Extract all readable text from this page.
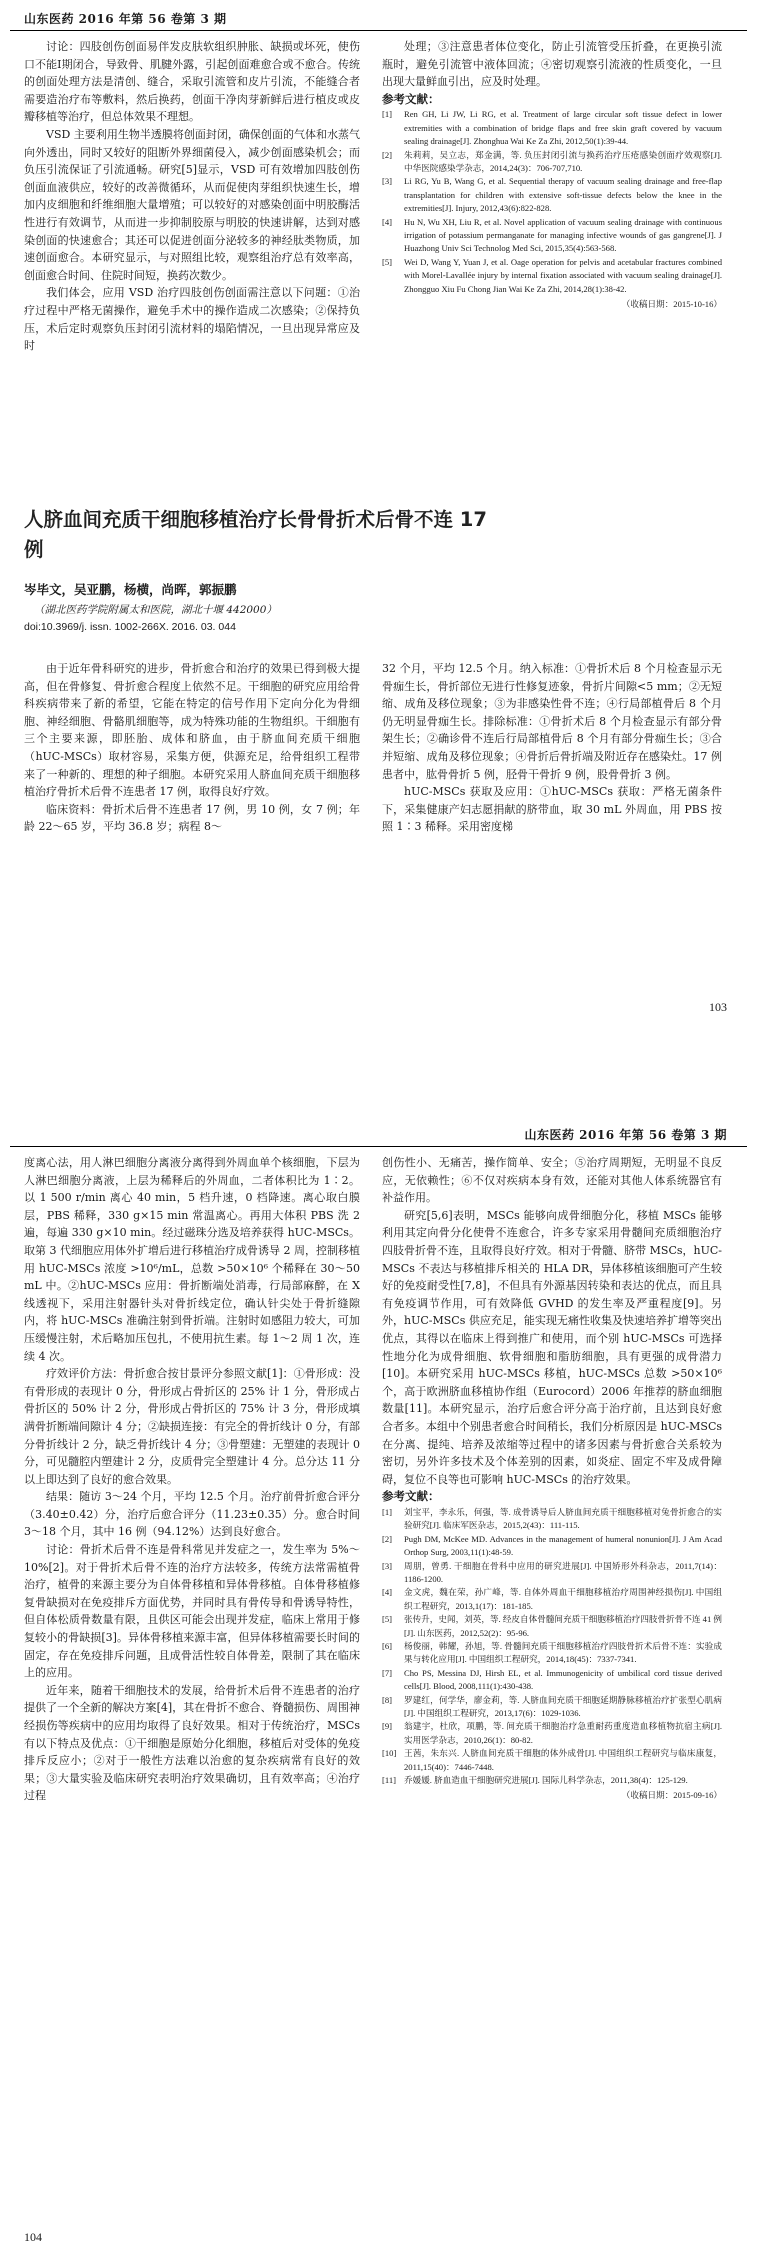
山东医药 2016 年第 56 卷第 3 期

讨论：四肢创伤创面易伴发皮肤软组织肿胀、缺损或坏死，使伤口不能Ⅰ期闭合，导致骨、肌腱外露，引起创面难愈合或不愈合。传统的创面处理方法是清创、缝合，采取引流管和皮片引流，不能缝合者需要造治疗布等敷料，然后换药，创面干净肉芽新鲜后进行植皮或皮瓣移植等治疗，但总体效果不理想。

VSD 主要利用生物半透膜将创面封闭，确保创面的气体和水蒸气向外透出，同时又较好的阻断外界细菌侵入，减少创面感染机会；而负压引流保证了引流通畅。研究[5]显示，VSD 可有效增加四肢创伤创面血液供应，较好的改善微循环，从而促使肉芽组织快速生长，增加内皮细胞和纤维细胞大量增殖；可以较好的对感染创面中明胶酶活性进行有效调节，从而进一步抑制胶原与明胶的快速讲解，达到对感染创面的快速愈合；其还可以促进创面分泌较多的神经肽类物质，加速创面愈合。本研究显示，与对照组比较，观察组治疗总有效率高，创面愈合时间、住院时间短，换药次数少。

我们体会，应用 VSD 治疗四肢创伤创面需注意以下问题：①治疗过程中严格无菌操作，避免手术中的操作造成二次感染；②保持负压，术后定时观察负压封闭引流材料的塌陷情况，一旦出现异常应及时

处理；③注意患者体位变化，防止引流管受压折叠，在更换引流瓶时，避免引流管中液体回流；④密切观察引流液的性质变化，一旦出现大量鲜血引出，应及时处理。

参考文献：

[1]	Ren GH, Li JW, Li RG, et al. Treatment of large circular soft tissue defect in lower extremities with a combination of bridge flaps and free skin graft covered by vacuum sealing drainage[J]. Zhonghua Wai Ke Za Zhi, 2012,50(1):39-44.
[2]	朱莉莉，吴立志，郑金满，等. 负压封闭引流与换药治疗压疮感染创面疗效观察[J]. 中华医院感染学杂志，2014,24(3)：706-707,710.
[3]	Li RG, Yu B, Wang G, et al. Sequential therapy of vacuum sealing drainage and free-flap transplantation for children with extensive soft-tissue defects below the knee in the extremities[J]. Injury, 2012,43(6):822-828.
[4]	Hu N, Wu XH, Liu R, et al. Novel application of vacuum sealing drainage with continuous irrigation of potassium permanganate for managing infective wounds of gas gangrene[J]. J Huazhong Univ Sci Technolog Med Sci, 2015,35(4):563-568.
[5]	Wei D, Wang Y, Yuan J, et al. Oage operation for pelvis and acetabular fractures combined with Morel-Lavallée injury by internal fixation associated with vacuum sealing drainage[J]. Zhongguo Xiu Fu Chong Jian Wai Ke Za Zhi, 2014,28(1):38-42.
（收稿日期：2015-10-16）
人脐血间充质干细胞移植治疗长骨骨折术后骨不连 17 例
岑毕文，吴亚鹏，杨横，尚晖，郭振鹏
（湖北医药学院附属太和医院，湖北十堰 442000）
doi:10.3969/j. issn. 1002-266X. 2016. 03. 044

由于近年骨科研究的进步，骨折愈合和治疗的效果已得到极大提高，但在骨修复、骨折愈合程度上依然不足。干细胞的研究应用给骨科疾病带来了新的希望，它能在特定的信号作用下定向分化为骨细胞、神经细胞、骨骼肌细胞等，成为特殊功能的生物组织。干细胞有三个主要来源，即胚胎、成体和脐血，由于脐血间充质干细胞（hUC-MSCs）取材容易，采集方便，供源充足，给骨组织工程带来了一种新的、理想的种子细胞。本研究采用人脐血间充质干细胞移植治疗骨折术后骨不连患者 17 例，取得良好疗效。

临床资料：骨折术后骨不连患者 17 例，男 10 例，女 7 例；年龄 22～65 岁，平均 36.8 岁；病程 8～

32 个月，平均 12.5 个月。纳入标准：①骨折术后 8 个月检查显示无骨痂生长，骨折部位无进行性修复迹象，骨折片间隙<5 mm；②无短缩、成角及移位现象；③为非感染性骨不连；④行局部植骨后 8 个月仍无明显骨痂生长。排除标准：①骨折术后 8 个月检查显示有部分骨架生长；②确诊骨不连后行局部植骨后 8 个月有部分骨痂生长；③合并短缩、成角及移位现象；④骨折后骨折端及附近存在感染灶。17 例患者中，肱骨骨折 5 例，胫骨干骨折 9 例，股骨骨折 3 例。

hUC-MSCs 获取及应用：①hUC-MSCs 获取：严格无菌条件下，采集健康产妇志愿捐献的脐带血，取 30 mL 外周血，用 PBS 按照 1∶3 稀释。采用密度梯

103
山东医药 2016 年第 56 卷第 3 期

度离心法，用人淋巴细胞分离液分离得到外周血单个核细胞，下层为人淋巴细胞分离液，上层为稀释后的外周血，二者体积比为 1∶2。以 1 500 r/min 离心 40 min，5 档升速，0 档降速。离心取白膜层，PBS 稀释，330 g×15 min 常温离心。再用大体积 PBS 洗 2 遍，每遍 330 g×10 min。经过磁珠分选及培养获得 hUC-MSCs。取第 3 代细胞应用体外扩增后进行移植治疗成骨诱导 2 周，控制移植用 hUC-MSCs 浓度 >10⁶/mL，总数 >50×10⁶ 个稀释在 30～50 mL 中。②hUC-MSCs 应用：骨折断端处消毒，行局部麻醉，在 X 线透视下，采用注射器针头对骨折线定位，确认针尖处于骨折缝隙内，将 hUC-MSCs 准确注射到骨折端。注射时如感阻力较大，可加压缓慢注射，术后略加压包扎，不使用抗生素。每 1～2 周 1 次，连续 4 次。

疗效评价方法：骨折愈合按甘景评分参照文献[1]：①骨形成：没有骨形成的表现计 0 分，骨形成占骨折区的 25% 计 1 分，骨形成占骨折区的 50% 计 2 分，骨形成占骨折区的 75% 计 3 分，骨形成填满骨折断端间隙计 4 分；②缺损连接：有完全的骨折线计 0 分，有部分骨折线计 2 分，缺乏骨折线计 4 分；③骨塑建：无塑建的表现计 0 分，可见髓腔内塑建计 2 分，皮质骨完全塑建计 4 分。总分达 11 分以上即达到了良好的愈合效果。

结果：随访 3～24 个月，平均 12.5 个月。治疗前骨折愈合评分（3.40±0.42）分，治疗后愈合评分（11.23±0.35）分。愈合时间 3～18 个月，其中 16 例（94.12%）达到良好愈合。

讨论：骨折术后骨不连是骨科常见并发症之一，发生率为 5%～10%[2]。对于骨折术后骨不连的治疗方法较多，传统方法常需植骨治疗，植骨的来源主要分为自体骨移植和异体骨移植。自体骨移植修复骨缺损对在免疫排斥方面优势，并同时具有骨传导和骨诱导特性，但自体松质骨数量有限，且供区可能会出现并发症，临床上常用于修复较小的骨缺损[3]。异体骨移植来源丰富，但异体移植需要长时间的固定，存在免疫排斥问题，且成骨活性较自体骨差，限制了其在临床上的应用。

近年来，随着干细胞技术的发展，给骨折术后骨不连患者的治疗提供了一个全新的解决方案[4]，其在骨折不愈合、脊髓损伤、周围神经损伤等疾病中的应用均取得了良好效果。相对于传统治疗，MSCs 有以下特点及优点：①干细胞是原始分化细胞，移植后对受体的免疫排斥反应小；②对于一般性方法难以治愈的复杂疾病常有良好的效果；③大量实验及临床研究表明治疗效果确切，且有效率高；④治疗过程

创伤性小、无痛苦，操作简单、安全；⑤治疗周期短，无明显不良反应，无依赖性；⑥不仅对疾病本身有效，还能对其他人体系统器官有补益作用。

研究[5,6]表明，MSCs 能够向成骨细胞分化，移植 MSCs 能够利用其定向骨分化使骨不连愈合，许多专家采用骨髓间充质细胞治疗四肢骨折骨不连，且取得良好疗效。相对于骨髓、脐带 MSCs，hUC-MSCs 不表达与移植排斥相关的 HLA DR，异体移植该细胞可产生较好的免疫耐受性[7,8]，不但具有外源基因转染和表达的优点，而且具有免疫调节作用，可有效降低 GVHD 的发生率及严重程度[9]。另外，hUC-MSCs 供应充足，能实现无痛性收集及快速培养扩增等突出优点，其得以在临床上得到推广和使用，而个别 hUC-MSCs 可选择性地分化为成骨细胞、软骨细胞和脂肪细胞，具有更强的成骨潜力[10]。本研究采用 hUC-MSCs 移植，hUC-MSCs 总数 >50×10⁶ 个，高于欧洲脐血移植协作组（Eurocord）2006 年推荐的脐血细胞数量[11]。本研究显示，治疗后愈合评分高于治疗前，且达到良好愈合者多。本组中个别患者愈合时间稍长，我们分析原因是 hUC-MSCs 在分离、提纯、培养及浓缩等过程中的诸多因素与骨折愈合关系较为密切，另外许多技术及个体差别的因素，如炎症、固定不牢及成骨障碍，复位不良等也可影响 hUC-MSCs 的治疗效果。

参考文献：

[1]	刘宝平，李永乐，何强，等. 成骨诱导后人脐血间充质干细胞移植对兔骨折愈合的实验研究[J]. 临床军医杂志，2015,2(43)：111-115.
[2]	Pugh DM, McKee MD. Advances in the management of humeral nonunion[J]. J Am Acad Orthop Surg, 2003,11(1):48-59.
[3]	周朋，曾勇. 干细胞在骨科中应用的研究进展[J]. 中国矫形外科杂志，2011,7(14)：1186-1200.
[4]	金文虎，魏在荣，孙广峰，等. 自体外周血干细胞移植治疗周围神经损伤[J]. 中国组织工程研究，2013,1(17)：181-185.
[5]	张传升，史闻，刘英，等. 经皮自体骨髓间充质干细胞移植治疗四肢骨折骨不连 41 例[J]. 山东医药，2012,52(2)：95-96.
[6]	杨俊丽，韩耀，孙旭，等. 骨髓间充质干细胞移植治疗四肢骨折术后骨不连：实验成果与转化应用[J]. 中国组织工程研究，2014,18(45)：7337-7341.
[7]	Cho PS, Messina DJ, Hirsh EL, et al. Immunogenicity of umbilical cord tissue derived cells[J]. Blood, 2008,111(1):430-438.
[8]	罗建红，何学华，廖金莉，等. 人脐血间充质干细胞延期静脉移植治疗扩张型心肌病[J]. 中国组织工程研究，2013,17(6)：1029-1036.
[9]	翁建宇，杜欣，项鹏，等. 间充质干细胞治疗急重耐药重度造血移植物抗宿主病[J]. 实用医学杂志，2010,26(1)：80-82.
[10] 王茜，朱东兴. 人脐血间充质干细胞的体外成骨[J]. 中国组织工程研究与临床康复，2011,15(40)：7446-7448.
[11] 乔媛媛. 脐血造血干细胞研究进展[J]. 国际儿科学杂志，2011,38(4)：125-129.
（收稿日期：2015-09-16）
104
